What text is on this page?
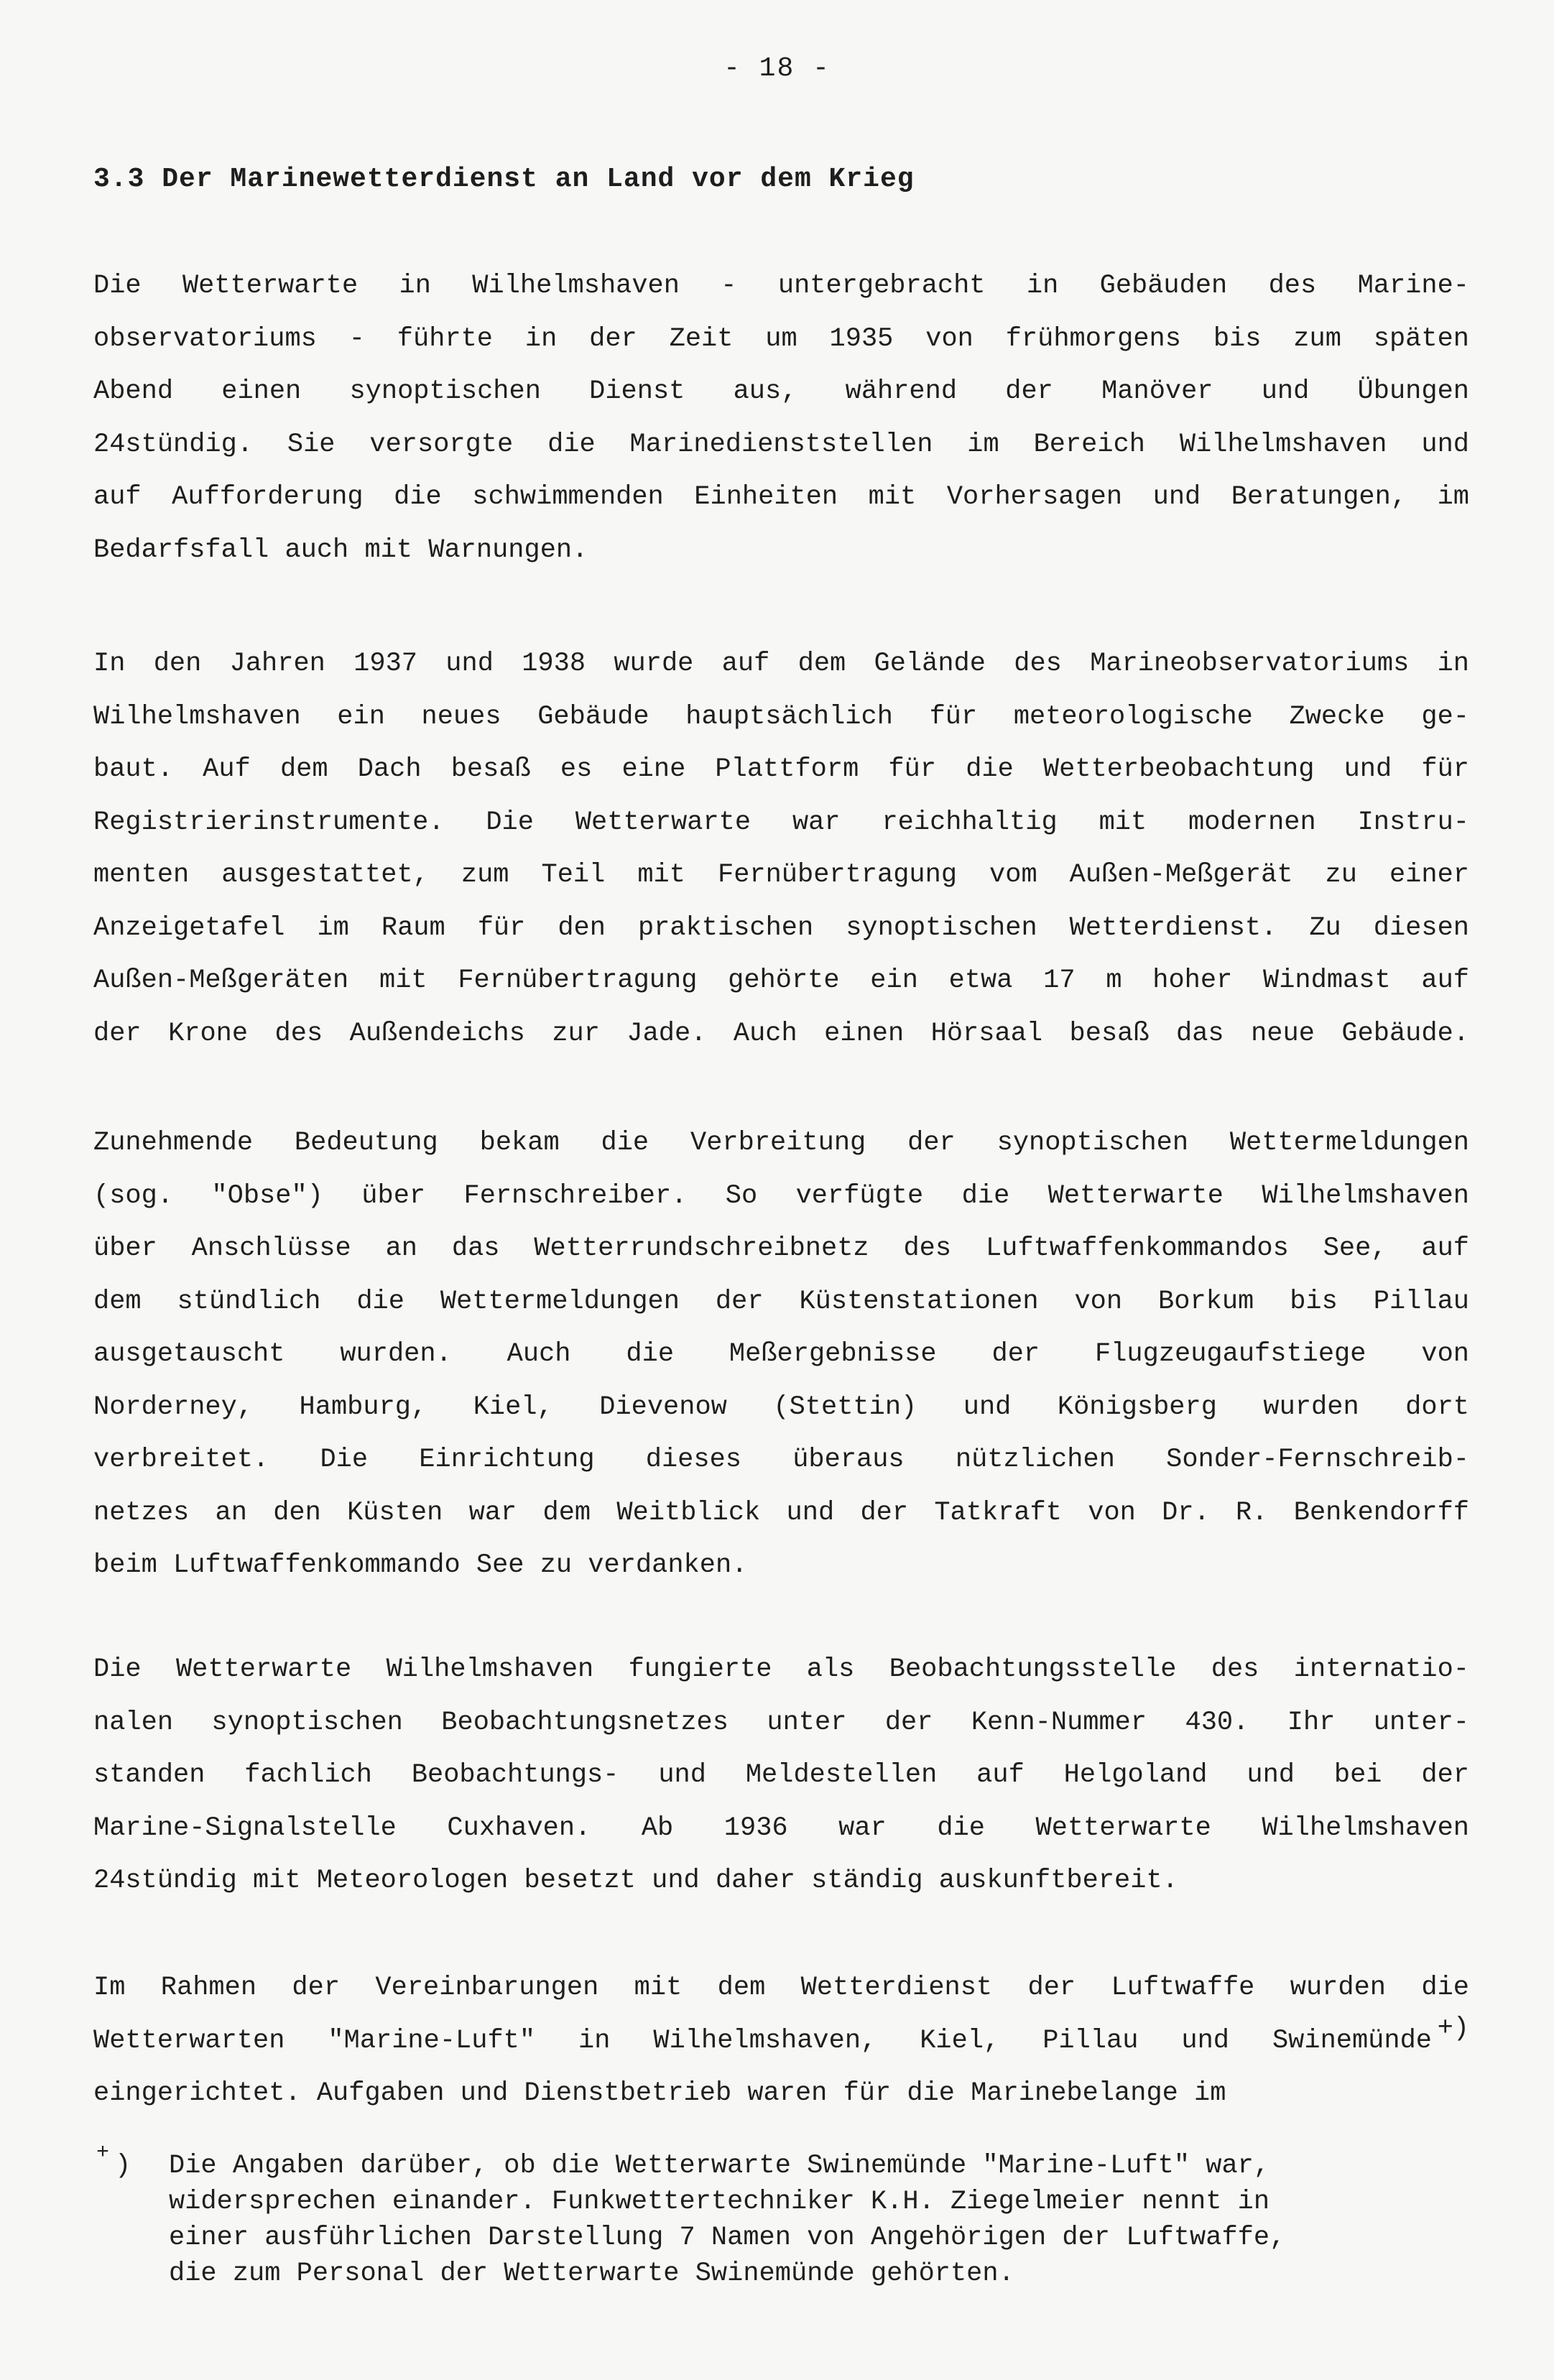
- 18 -
3.3 Der Marinewetterdienst an Land vor dem Krieg
Die Wetterwarte in Wilhelmshaven - untergebracht in Gebäuden des Marine-
observatoriums - führte in der Zeit um 1935 von frühmorgens bis zum späten
Abend einen synoptischen Dienst aus, während der Manöver und Übungen
24stündig. Sie versorgte die Marinedienststellen im Bereich Wilhelmshaven und
auf Aufforderung die schwimmenden Einheiten mit Vorhersagen und Beratungen, im
Bedarfsfall auch mit Warnungen.
In den Jahren 1937 und 1938 wurde auf dem Gelände des Marineobservatoriums in
Wilhelmshaven ein neues Gebäude hauptsächlich für meteorologische Zwecke ge-
baut. Auf dem Dach besaß es eine Plattform für die Wetterbeobachtung und für
Registrierinstrumente. Die Wetterwarte war reichhaltig mit modernen Instru-
menten ausgestattet, zum Teil mit Fernübertragung vom Außen-Meßgerät zu einer
Anzeigetafel im Raum für den praktischen synoptischen Wetterdienst. Zu diesen
Außen-Meßgeräten mit Fernübertragung gehörte ein etwa 17 m hoher Windmast auf
der Krone des Außendeichs zur Jade. Auch einen Hörsaal besaß das neue Gebäude.
Zunehmende Bedeutung bekam die Verbreitung der synoptischen Wettermeldungen
(sog. "Obse") über Fernschreiber. So verfügte die Wetterwarte Wilhelmshaven
über Anschlüsse an das Wetterrundschreibnetz des Luftwaffenkommandos See, auf
dem stündlich die Wettermeldungen der Küstenstationen von Borkum bis Pillau
ausgetauscht wurden. Auch die Meßergebnisse der Flugzeugaufstiege von
Norderney, Hamburg, Kiel, Dievenow (Stettin) und Königsberg wurden dort
verbreitet. Die Einrichtung dieses überaus nützlichen Sonder-Fernschreib-
netzes an den Küsten war dem Weitblick und der Tatkraft von Dr. R. Benkendorff
beim Luftwaffenkommando See zu verdanken.
Die Wetterwarte Wilhelmshaven fungierte als Beobachtungsstelle des internatio-
nalen synoptischen Beobachtungsnetzes unter der Kenn-Nummer 430. Ihr unter-
standen fachlich Beobachtungs- und Meldestellen auf Helgoland und bei der
Marine-Signalstelle Cuxhaven. Ab 1936 war die Wetterwarte Wilhelmshaven
24stündig mit Meteorologen besetzt und daher ständig auskunftbereit.
Im Rahmen der Vereinbarungen mit dem Wetterdienst der Luftwaffe wurden die
Wetterwarten "Marine-Luft" in Wilhelmshaven, Kiel, Pillau und Swinemünde
eingerichtet. Aufgaben und Dienstbetrieb waren für die Marinebelange im
+)
+ )	Die Angaben darüber, ob die Wetterwarte Swinemünde "Marine-Luft" war,
widersprechen einander. Funkwettertechniker K.H. Ziegelmeier nennt in
einer ausführlichen Darstellung 7 Namen von Angehörigen der Luftwaffe,
die zum Personal der Wetterwarte Swinemünde gehörten.
